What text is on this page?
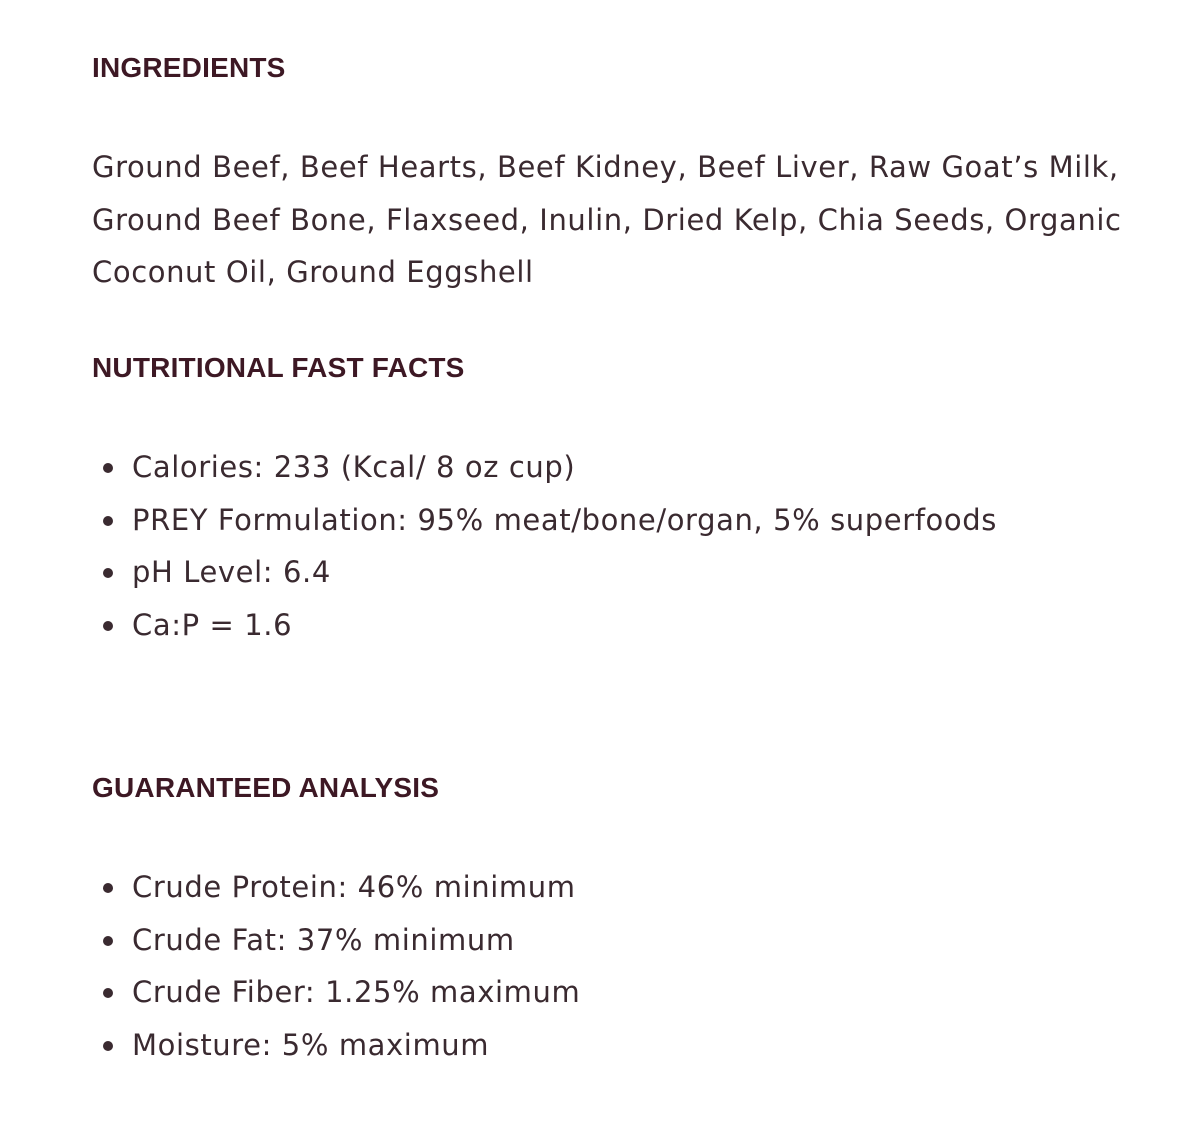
INGREDIENTS

Ground Beef, Beef Hearts, Beef Kidney, Beef Liver, Raw Goat’s Milk, Ground Beef Bone, Flaxseed, Inulin, Dried Kelp, Chia Seeds, Organic Coconut Oil, Ground Eggshell

NUTRITIONAL FAST FACTS
Calories: 233 (Kcal/ 8 oz cup)
PREY Formulation: 95% meat/bone/organ, 5% superfoods
pH Level: 6.4
Ca:P = 1.6
GUARANTEED ANALYSIS
Crude Protein: 46% minimum
Crude Fat: 37% minimum
Crude Fiber: 1.25% maximum
Moisture: 5% maximum
